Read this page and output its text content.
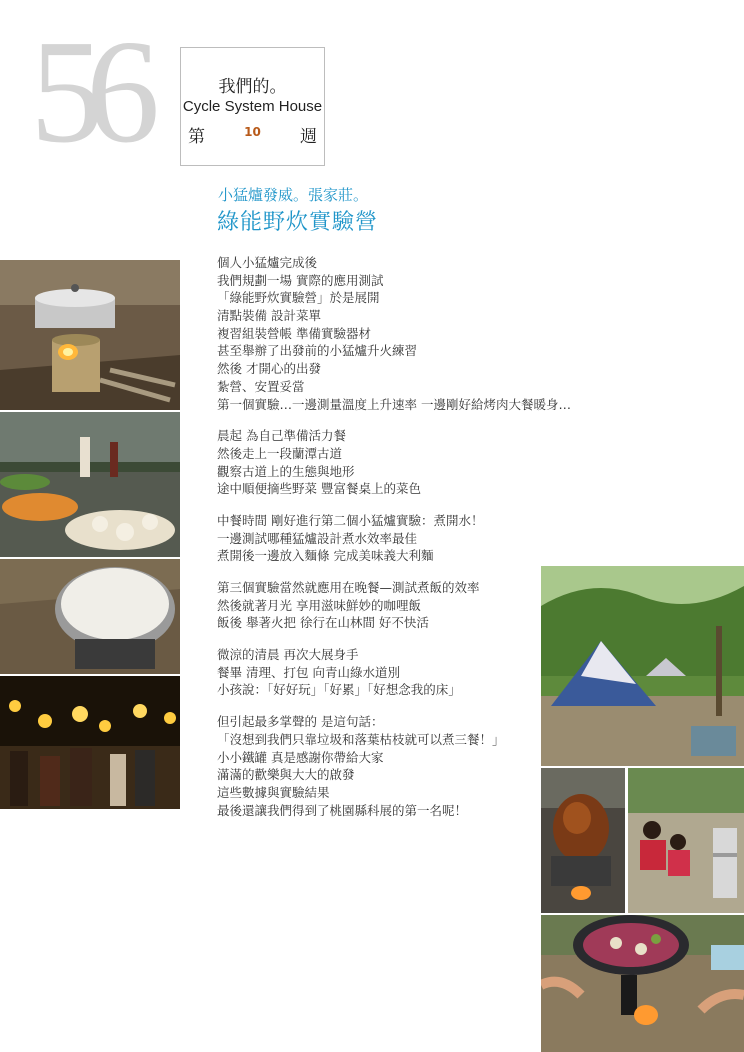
56	我們的。
Cycle System House
第	10	週
小猛爐發威。張家莊。
綠能野炊實驗營
個人小猛爐完成後
我們規劃一場 實際的應用測試
「綠能野炊實驗營」於是展開
清點裝備 設計菜單
複習組裝營帳 準備實驗器材
甚至舉辦了出發前的小猛爐升火練習
然後 才開心的出發
紮營、安置妥當
第一個實驗…一邊測量溫度上升速率 一邊剛好給烤肉大餐暖身…
晨起 為自己準備活力餐
然後走上一段蘭潭古道
觀察古道上的生態與地形
途中順便摘些野菜 豐富餐桌上的菜色
中餐時間 剛好進行第二個小猛爐實驗：煮開水！
一邊測試哪種猛爐設計煮水效率最佳
煮開後一邊放入麵條 完成美味義大利麵
第三個實驗當然就應用在晚餐—測試煮飯的效率
然後就著月光 享用滋味鮮妙的咖哩飯
飯後 舉著火把 徐行在山林間 好不快活
微涼的清晨 再次大展身手
餐畢 清理、打包 向青山綠水道別
小孩說：「好好玩」「好累」「好想念我的床」
但引起最多掌聲的 是這句話：
「沒想到我們只靠垃圾和落葉枯枝就可以煮三餐！」
小小鐵罐 真是感謝你帶給大家
滿滿的歡樂與大大的啟發
這些數據與實驗結果
最後還讓我們得到了桃園縣科展的第一名呢！
